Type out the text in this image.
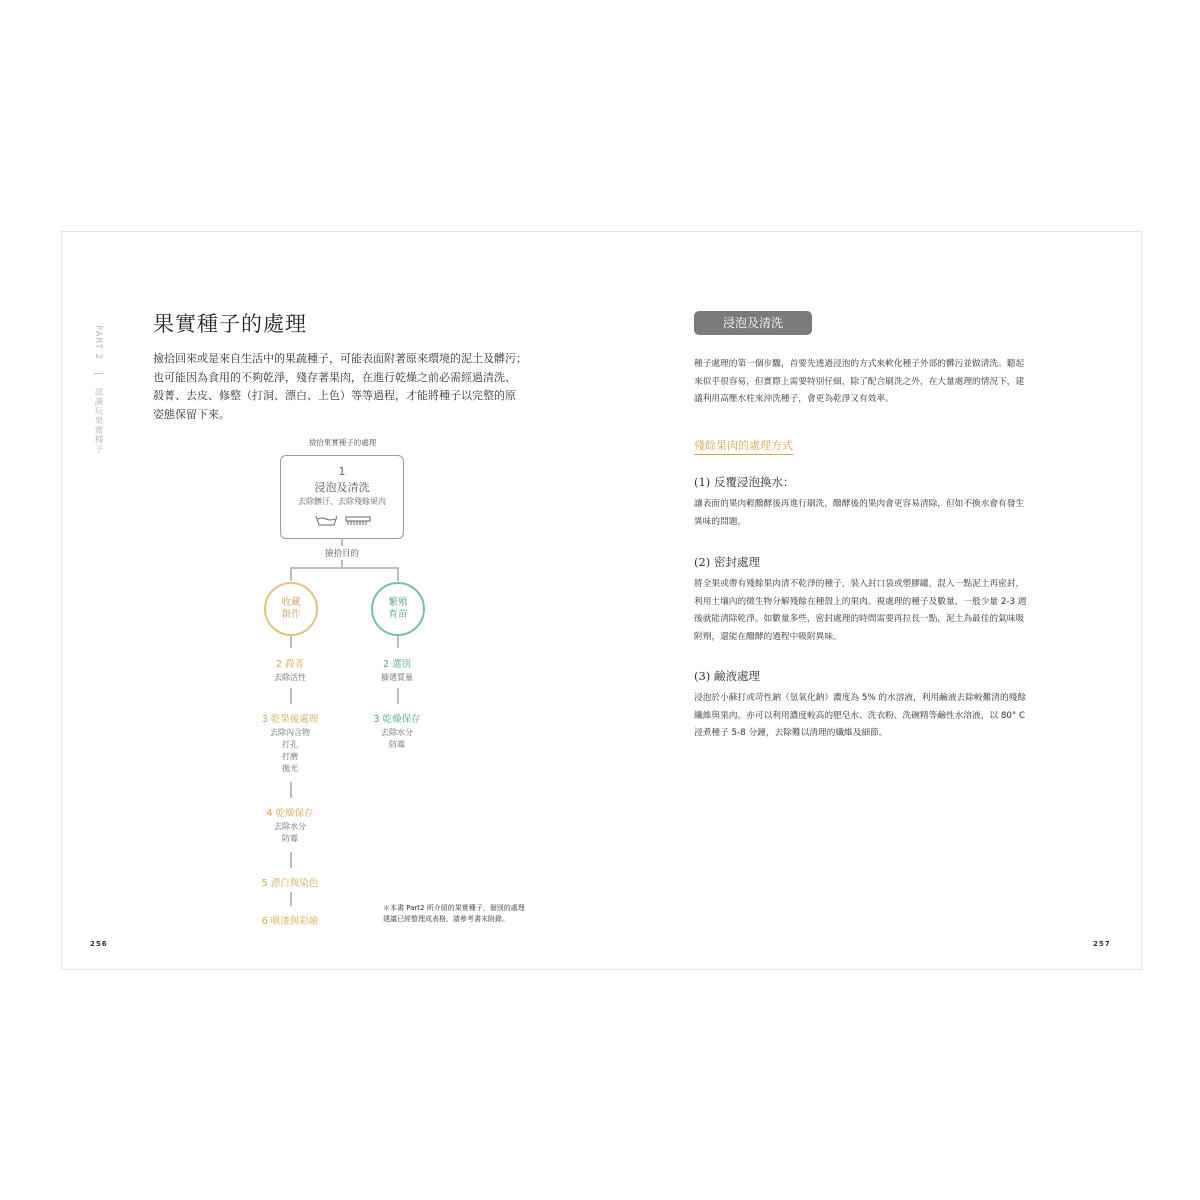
PART 2 | 認識玩果實種子
果實種子的處理
撿拾回來或是來自生活中的果蔬種子，可能表面附著原來環境的泥土及髒污；
也可能因為食用的不夠乾淨，殘存著果肉，在進行乾燥之前必需經過清洗、
殺菁、去皮、修整（打洞、漂白、上色）等等過程，才能將種子以完整的原
姿態保留下來。
撿拾果實種子的處理
1
浸泡及清洗
去除髒汙、去除殘餘果肉
撿拾目的
收藏
創作
繁殖
育苗
2 殺菁
去除活性
3 乾果後處理
去除內含物
打孔
打磨
拋光
4 乾燥保存
去除水分
防霉
5 漂白與染色
6 噴漆與彩繪
2 選別
篩選質量
3 乾燥保存
去除水分
防霉
＊本書 Part2 所介紹的果實種子，個別的處理
建議已經整理成表格，請參考書末附錄。
256
浸泡及清洗
種子處理的第一個步驟，首要先透過浸泡的方式來軟化種子外部的髒污並做清洗。聽起
來似乎很容易，但實際上需要特別仔細，除了配合刷洗之外，在大量處理的情況下，建
議利用高壓水柱來沖洗種子，會更為乾淨又有效率。
殘餘果肉的處理方式
(1) 反覆浸泡換水：
讓表面的果肉輕醱酵後再進行刷洗，醱酵後的果肉會更容易清除，但如不換水會有發生
異味的問題。
(2) 密封處理
將全果或帶有殘餘果肉清不乾淨的種子，裝入封口袋或塑膠罐，混入一點泥土再密封，
利用土壤內的微生物分解殘餘在種殼上的果肉。視處理的種子及數量，一般少量 2-3 週
後就能清除乾淨。如數量多些，密封處理的時間需要再拉長一點，泥土為最佳的氣味吸
附劑，還能在醱酵的過程中吸附異味。
(3) 鹼液處理
浸泡於小蘇打或苛性鈉（氫氧化鈉）濃度為 5% 的水溶液，利用鹼液去除較難清的殘餘
纖維與果肉。亦可以利用濃度較高的肥皂水、洗衣粉、洗碗精等鹼性水溶液，以 80° C
浸煮種子 5-8 分鐘，去除難以清理的纖維及細節。
257
